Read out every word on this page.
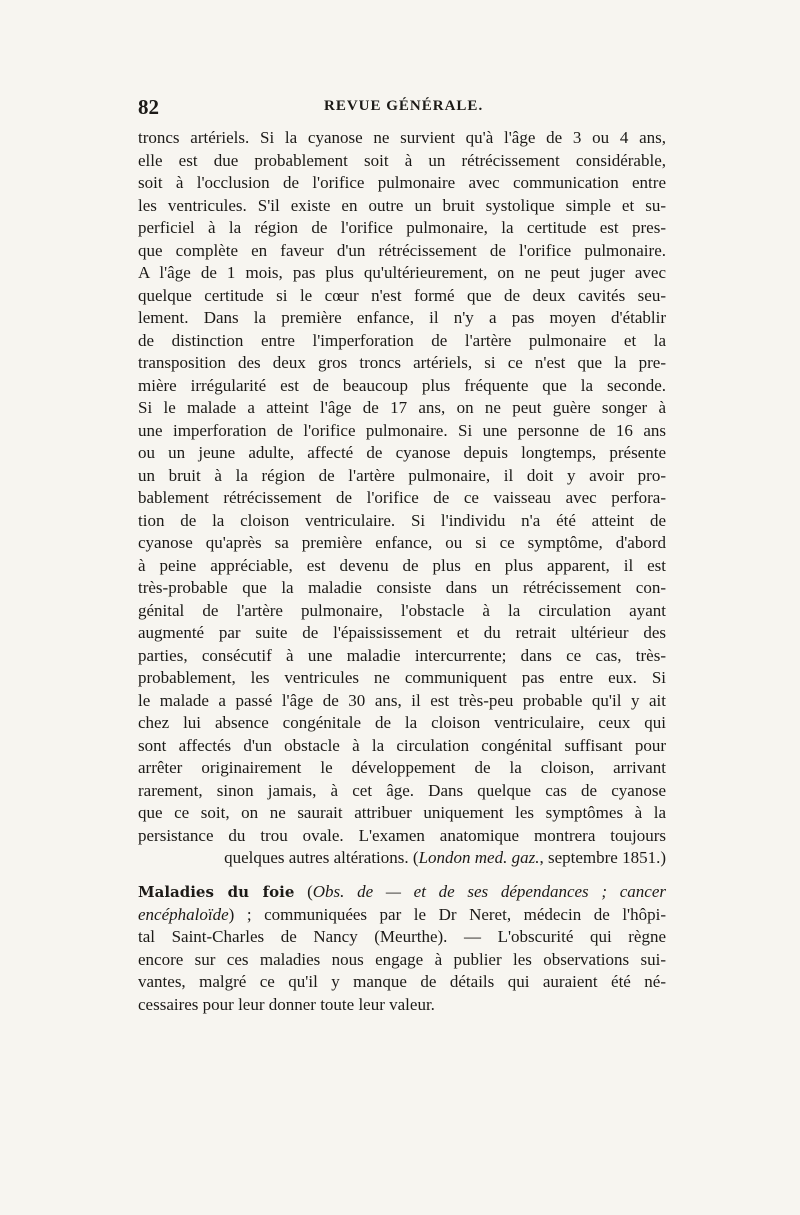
82	REVUE GÉNÉRALE.
troncs artériels. Si la cyanose ne survient qu'à l'âge de 3 ou 4 ans,
elle est due probablement soit à un rétrécissement considérable,
soit à l'occlusion de l'orifice pulmonaire avec communication entre
les ventricules. S'il existe en outre un bruit systolique simple et su-
perficiel à la région de l'orifice pulmonaire, la certitude est pres-
que complète en faveur d'un rétrécissement de l'orifice pulmonaire.
A l'âge de 1 mois, pas plus qu'ultérieurement, on ne peut juger avec
quelque certitude si le cœur n'est formé que de deux cavités seu-
lement. Dans la première enfance, il n'y a pas moyen d'établir
de distinction entre l'imperforation de l'artère pulmonaire et la
transposition des deux gros troncs artériels, si ce n'est que la pre-
mière irrégularité est de beaucoup plus fréquente que la seconde.
Si le malade a atteint l'âge de 17 ans, on ne peut guère songer à
une imperforation de l'orifice pulmonaire. Si une personne de 16 ans
ou un jeune adulte, affecté de cyanose depuis longtemps, présente
un bruit à la région de l'artère pulmonaire, il doit y avoir pro-
bablement rétrécissement de l'orifice de ce vaisseau avec perfora-
tion de la cloison ventriculaire. Si l'individu n'a été atteint de
cyanose qu'après sa première enfance, ou si ce symptôme, d'abord
à peine appréciable, est devenu de plus en plus apparent, il est
très-probable que la maladie consiste dans un rétrécissement con-
génital de l'artère pulmonaire, l'obstacle à la circulation ayant
augmenté par suite de l'épaississement et du retrait ultérieur des
parties, consécutif à une maladie intercurrente; dans ce cas, très-
probablement, les ventricules ne communiquent pas entre eux. Si
le malade a passé l'âge de 30 ans, il est très-peu probable qu'il y ait
chez lui absence congénitale de la cloison ventriculaire, ceux qui
sont affectés d'un obstacle à la circulation congénital suffisant pour
arrêter originairement le développement de la cloison, arrivant
rarement, sinon jamais, à cet âge. Dans quelque cas de cyanose
que ce soit, on ne saurait attribuer uniquement les symptômes à la
persistance du trou ovale. L'examen anatomique montrera toujours
quelques autres altérations. (London med. gaz., septembre 1851.)
Maladies du foie (Obs. de — et de ses dépendances ; cancer
encéphaloïde) ; communiquées par le Dr Neret, médecin de l'hôpi-
tal Saint-Charles de Nancy (Meurthe). — L'obscurité qui règne
encore sur ces maladies nous engage à publier les observations sui-
vantes, malgré ce qu'il y manque de détails qui auraient été né-
cessaires pour leur donner toute leur valeur.
